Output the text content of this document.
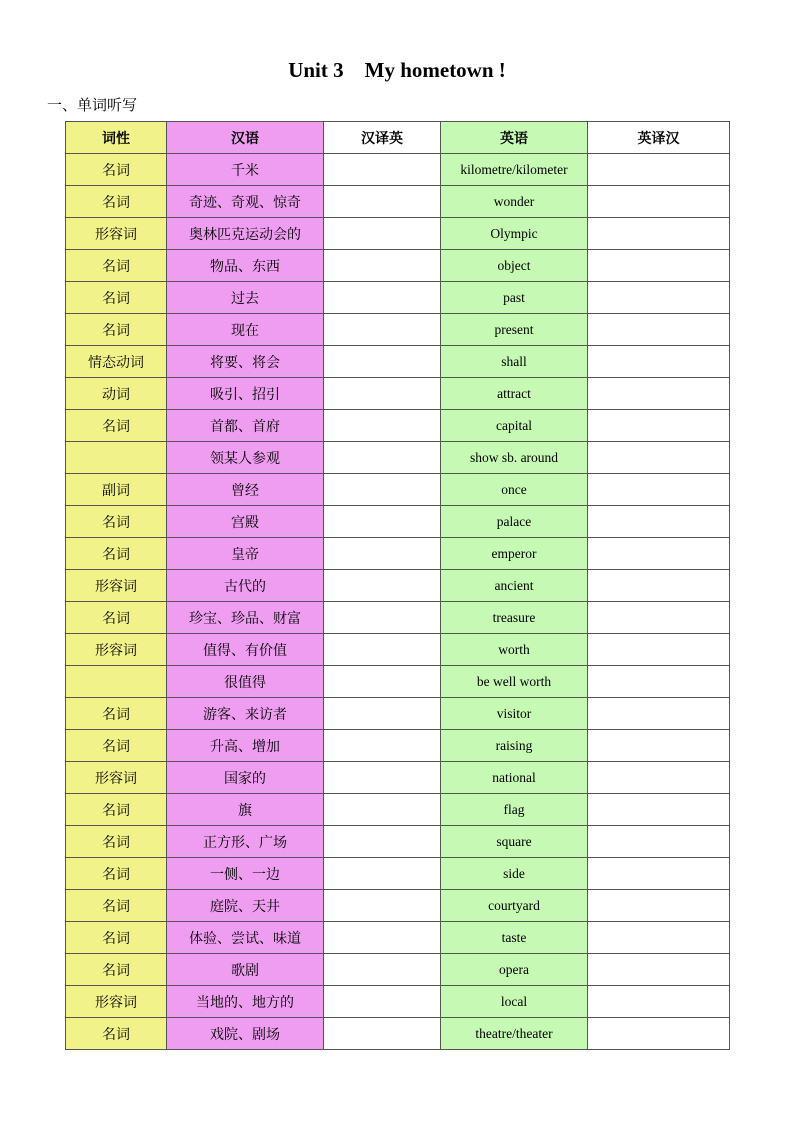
Unit 3    My hometown !
一、单词听写
词性	汉语	汉译英	英语	英译汉
名词	千米		kilometre/kilometer	
名词	奇迹、奇观、惊奇		wonder	
形容词	奥林匹克运动会的		Olympic	
名词	物品、东西		object	
名词	过去		past	
名词	现在		present	
情态动词	将要、将会		shall	
动词	吸引、招引		attract	
名词	首都、首府		capital	
	领某人参观		show sb. around	
副词	曾经		once	
名词	宫殿		palace	
名词	皇帝		emperor	
形容词	古代的		ancient	
名词	珍宝、珍品、财富		treasure	
形容词	值得、有价值		worth	
	很值得		be well worth	
名词	游客、来访者		visitor	
名词	升高、增加		raising	
形容词	国家的		national	
名词	旗		flag	
名词	正方形、广场		square	
名词	一侧、一边		side	
名词	庭院、天井		courtyard	
名词	体验、尝试、味道		taste	
名词	歌剧		opera	
形容词	当地的、地方的		local	
名词	戏院、剧场		theatre/theater	
